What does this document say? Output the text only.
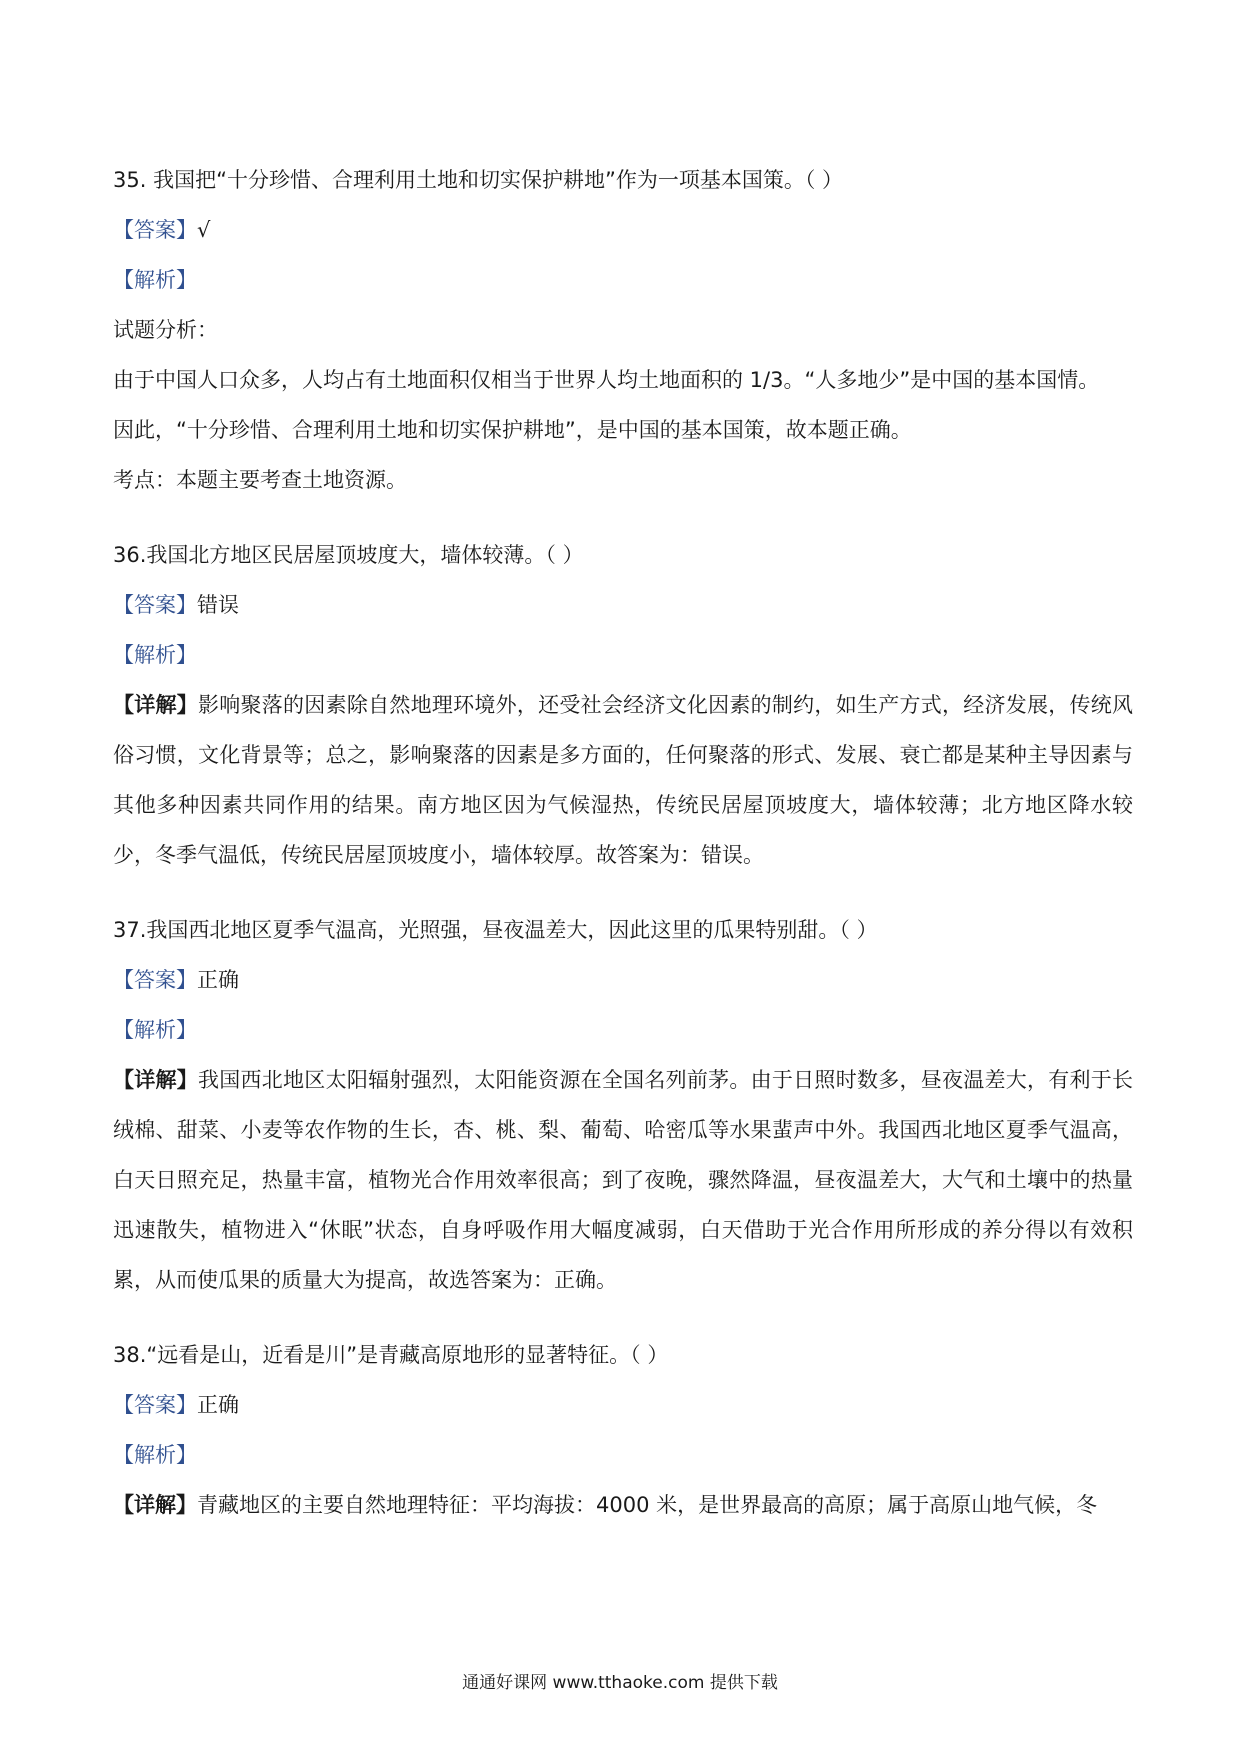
35. 我国把“十分珍惜、合理利用土地和切实保护耕地”作为一项基本国策。（ ）
【答案】√
【解析】
试题分析：
由于中国人口众多，人均占有土地面积仅相当于世界人均土地面积的 1/3。“人多地少”是中国的基本国情。
因此，“十分珍惜、合理利用土地和切实保护耕地”，是中国的基本国策，故本题正确。
考点：本题主要考查土地资源。
36.我国北方地区民居屋顶坡度大，墙体较薄。（ ）
【答案】错误
【解析】
【详解】影响聚落的因素除自然地理环境外，还受社会经济文化因素的制约，如生产方式，经济发展，传统风俗习惯，文化背景等；总之，影响聚落的因素是多方面的，任何聚落的形式、发展、衰亡都是某种主导因素与其他多种因素共同作用的结果。南方地区因为气候湿热，传统民居屋顶坡度大，墙体较薄；北方地区降水较少，冬季气温低，传统民居屋顶坡度小，墙体较厚。故答案为：错误。
37.我国西北地区夏季气温高，光照强，昼夜温差大，因此这里的瓜果特别甜。（ ）
【答案】正确
【解析】
【详解】我国西北地区太阳辐射强烈，太阳能资源在全国名列前茅。由于日照时数多，昼夜温差大，有利于长绒棉、甜菜、小麦等农作物的生长，杏、桃、梨、葡萄、哈密瓜等水果蜚声中外。我国西北地区夏季气温高，白天日照充足，热量丰富，植物光合作用效率很高；到了夜晚，骤然降温，昼夜温差大，大气和土壤中的热量迅速散失，植物进入“休眠”状态，自身呼吸作用大幅度减弱，白天借助于光合作用所形成的养分得以有效积累，从而使瓜果的质量大为提高，故选答案为：正确。
38.“远看是山，近看是川”是青藏高原地形的显著特征。（ ）
【答案】正确
【解析】
【详解】青藏地区的主要自然地理特征：平均海拔：4000 米，是世界最高的高原；属于高原山地气候，冬
通通好课网 www.tthaoke.com 提供下载
